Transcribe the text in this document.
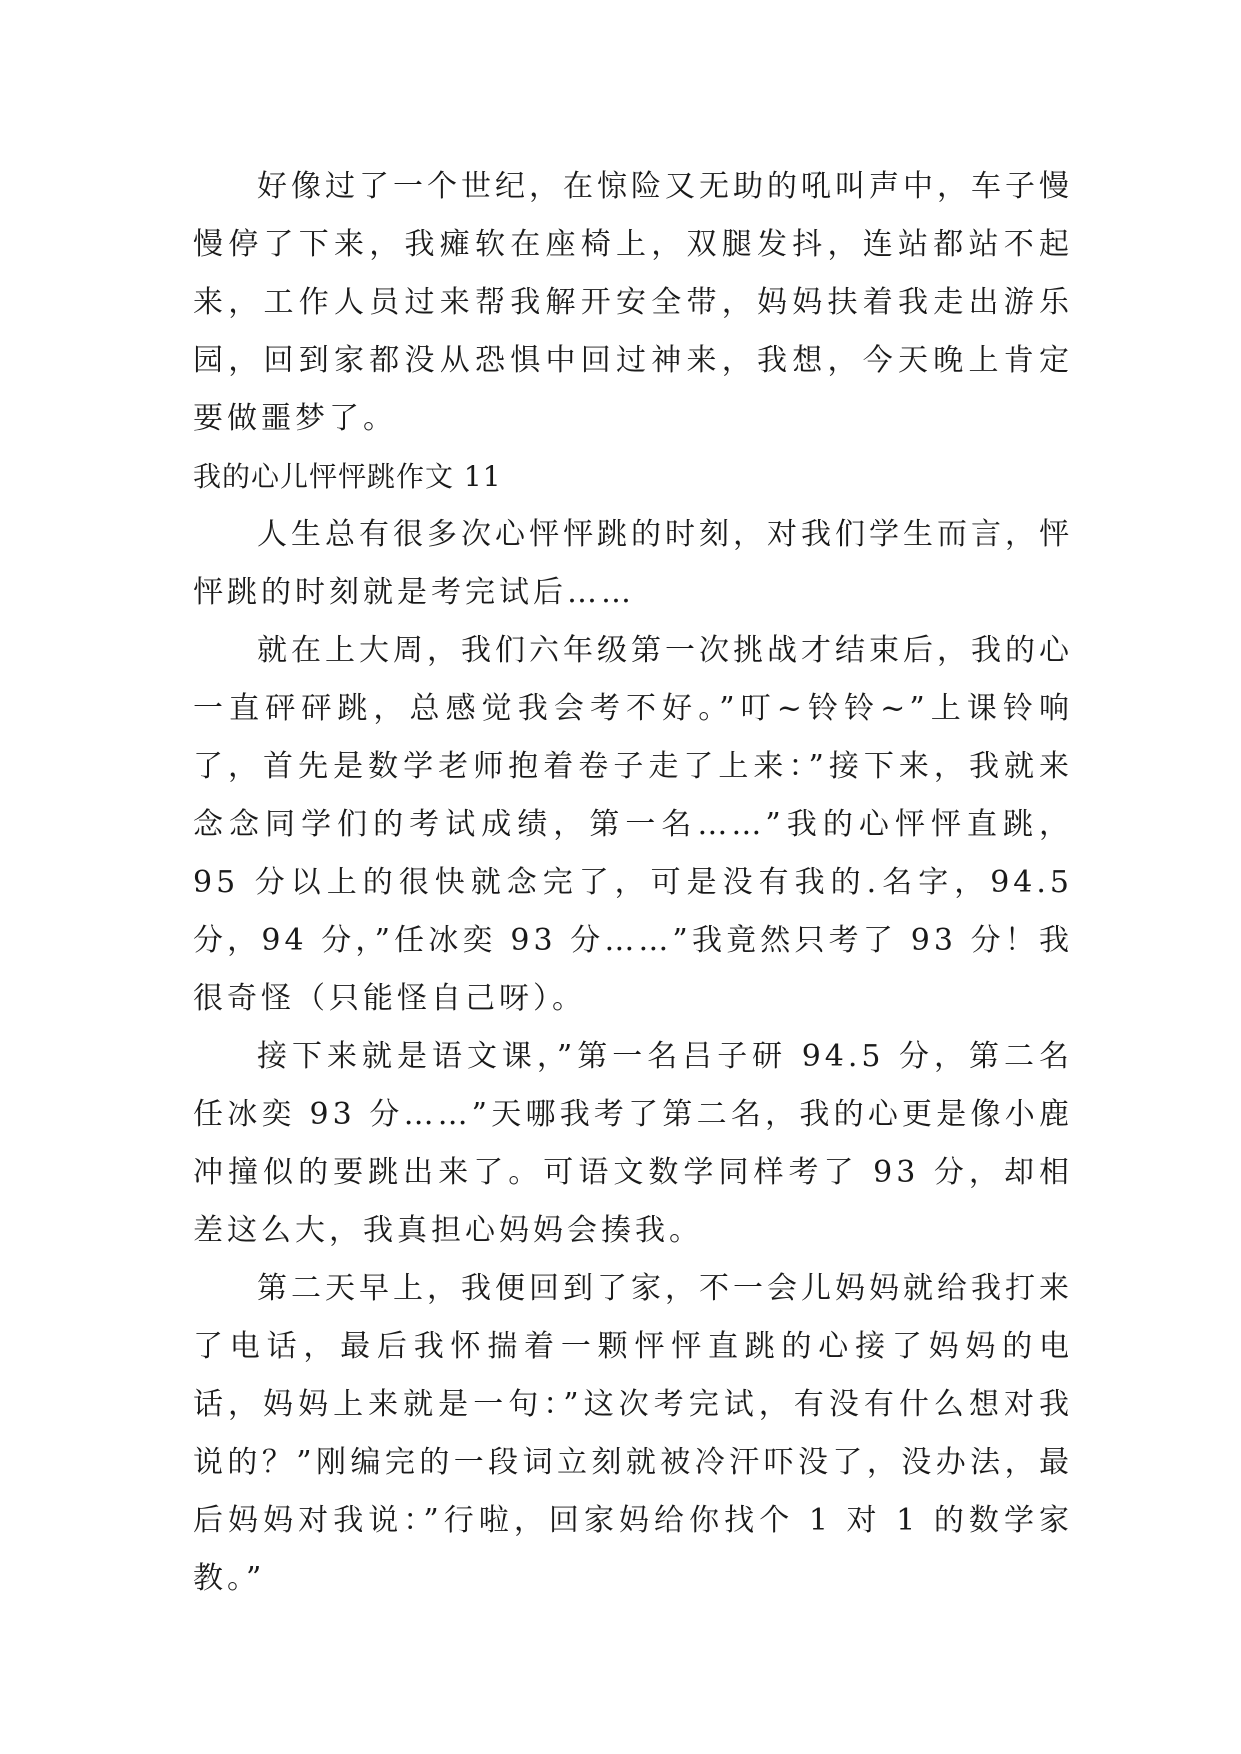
好像过了一个世纪，在惊险又无助的吼叫声中，车子慢慢停了下来，我瘫软在座椅上，双腿发抖，连站都站不起来，工作人员过来帮我解开安全带，妈妈扶着我走出游乐园，回到家都没从恐惧中回过神来，我想，今天晚上肯定要做噩梦了。

我的心儿怦怦跳作文 11

人生总有很多次心怦怦跳的时刻，对我们学生而言，怦怦跳的时刻就是考完试后……

就在上大周，我们六年级第一次挑战才结束后，我的心一直砰砰跳，总感觉我会考不好。”叮~铃铃~”上课铃响了，首先是数学老师抱着卷子走了上来：”接下来，我就来念念同学们的考试成绩，第一名……”我的心怦怦直跳，95 分以上的很快就念完了，可是没有我的.名字，94.5 分，94 分，”任冰奕 93 分……”我竟然只考了 93 分！我很奇怪（只能怪自己呀）。

接下来就是语文课，”第一名吕子研 94.5 分，第二名任冰奕 93 分……”天哪我考了第二名，我的心更是像小鹿冲撞似的要跳出来了。可语文数学同样考了 93 分，却相差这么大，我真担心妈妈会揍我。

第二天早上，我便回到了家，不一会儿妈妈就给我打来了电话，最后我怀揣着一颗怦怦直跳的心接了妈妈的电话，妈妈上来就是一句：”这次考完试，有没有什么想对我说的？”刚编完的一段词立刻就被冷汗吓没了，没办法，最后妈妈对我说：”行啦，回家妈给你找个 1 对 1 的数学家教。”
